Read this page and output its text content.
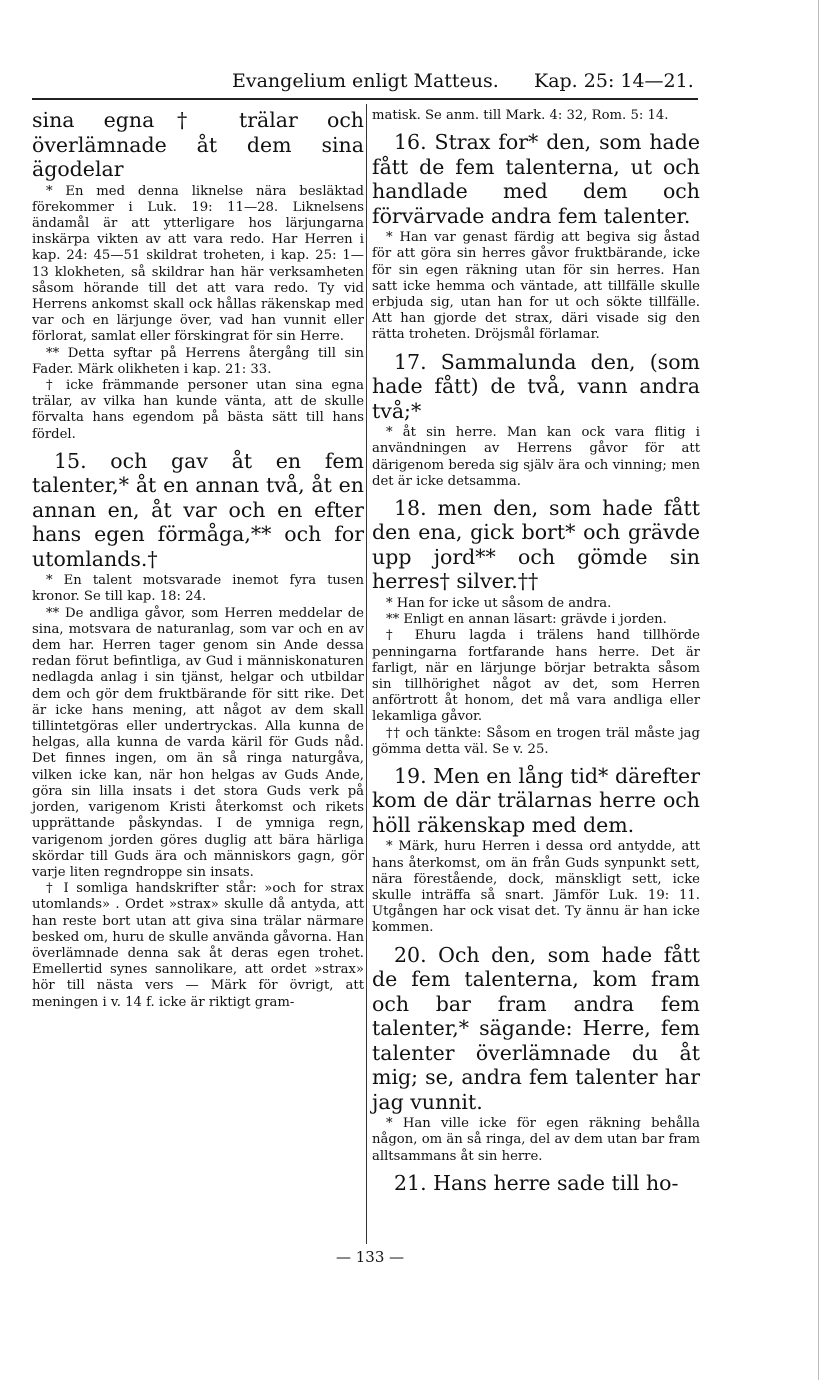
Evangelium enligt Matteus. Kap. 25: 14—21.

sina egna† trälar och överlämnade åt dem sina ägodelar

* En med denna liknelse nära besläktad förekommer i Luk. 19: 11—28. Liknelsens ändamål är att ytterligare hos lärjungarna inskärpa vikten av att vara redo. Har Herren i kap. 24: 45—51 skildrat troheten, i kap. 25: 1—13 klokheten, så skildrar han här verksamheten såsom hörande till det att vara redo. Ty vid Herrens ankomst skall ock hållas räkenskap med var och en lärjunge över, vad han vunnit eller förlorat, samlat eller förskingrat för sin Herre.

** Detta syftar på Herrens återgång till sin Fader. Märk olikheten i kap. 21: 33.

† icke främmande personer utan sina egna trälar, av vilka han kunde vänta, att de skulle förvalta hans egendom på bästa sätt till hans fördel.

15. och gav åt en fem talenter,* åt en annan två, åt en annan en, åt var och en efter hans egen förmåga,** och for utomlands.†

* En talent motsvarade inemot fyra tusen kronor. Se till kap. 18: 24.

** De andliga gåvor, som Herren meddelar de sina, motsvara de naturanlag, som var och en av dem har. Herren tager genom sin Ande dessa redan förut befintliga, av Gud i människonaturen nedlagda anlag i sin tjänst, helgar och utbildar dem och gör dem fruktbärande för sitt rike. Det är icke hans mening, att något av dem skall tillintetgöras eller undertryckas. Alla kunna de helgas, alla kunna de varda käril för Guds nåd. Det finnes ingen, om än så ringa naturgåva, vilken icke kan, när hon helgas av Guds Ande, göra sin lilla insats i det stora Guds verk på jorden, varigenom Kristi återkomst och rikets upprättande påskyndas. I de ymniga regn, varigenom jorden göres duglig att bära härliga skördar till Guds ära och människors gagn, gör varje liten regndroppe sin insats.

† I somliga handskrifter står: »och for strax utomlands» . Ordet »strax» skulle då antyda, att han reste bort utan att giva sina trälar närmare besked om, huru de skulle använda gåvorna. Han överlämnade denna sak åt deras egen trohet. Emellertid synes sannolikare, att ordet »strax» hör till nästa vers — Märk för övrigt, att meningen i v. 14 f. icke är riktigt gram-

matisk. Se anm. till Mark. 4: 32, Rom. 5: 14.

16. Strax for* den, som hade fått de fem talenterna, ut och handlade med dem och förvärvade andra fem talenter.

* Han var genast färdig att begiva sig åstad för att göra sin herres gåvor fruktbärande, icke för sin egen räkning utan för sin herres. Han satt icke hemma och väntade, att tillfälle skulle erbjuda sig, utan han for ut och sökte tillfälle. Att han gjorde det strax, däri visade sig den rätta troheten. Dröjsmål förlamar.

17. Sammalunda den, (som hade fått) de två, vann andra två;*

* åt sin herre. Man kan ock vara flitig i användningen av Herrens gåvor för att därigenom bereda sig själv ära och vinning; men det är icke detsamma.

18. men den, som hade fått den ena, gick bort* och grävde upp jord** och gömde sin herres† silver.††

* Han for icke ut såsom de andra.

** Enligt en annan läsart: grävde i jorden.

† Ehuru lagda i trälens hand tillhörde penningarna fortfarande hans herre. Det är farligt, när en lärjunge börjar betrakta såsom sin tillhörighet något av det, som Herren anförtrott åt honom, det må vara andliga eller lekamliga gåvor.

†† och tänkte: Såsom en trogen träl måste jag gömma detta väl. Se v. 25.

19. Men en lång tid* därefter kom de där trälarnas herre och höll räkenskap med dem.

* Märk, huru Herren i dessa ord antydde, att hans återkomst, om än från Guds synpunkt sett, nära förestående, dock, mänskligt sett, icke skulle inträffa så snart. Jämför Luk. 19: 11. Utgången har ock visat det. Ty ännu är han icke kommen.

20. Och den, som hade fått de fem talenterna, kom fram och bar fram andra fem talenter,* sägande: Herre, fem talenter överlämnade du åt mig; se, andra fem talenter har jag vunnit.

* Han ville icke för egen räkning behålla någon, om än så ringa, del av dem utan bar fram alltsammans åt sin herre.

21. Hans herre sade till ho-

— 133 —
